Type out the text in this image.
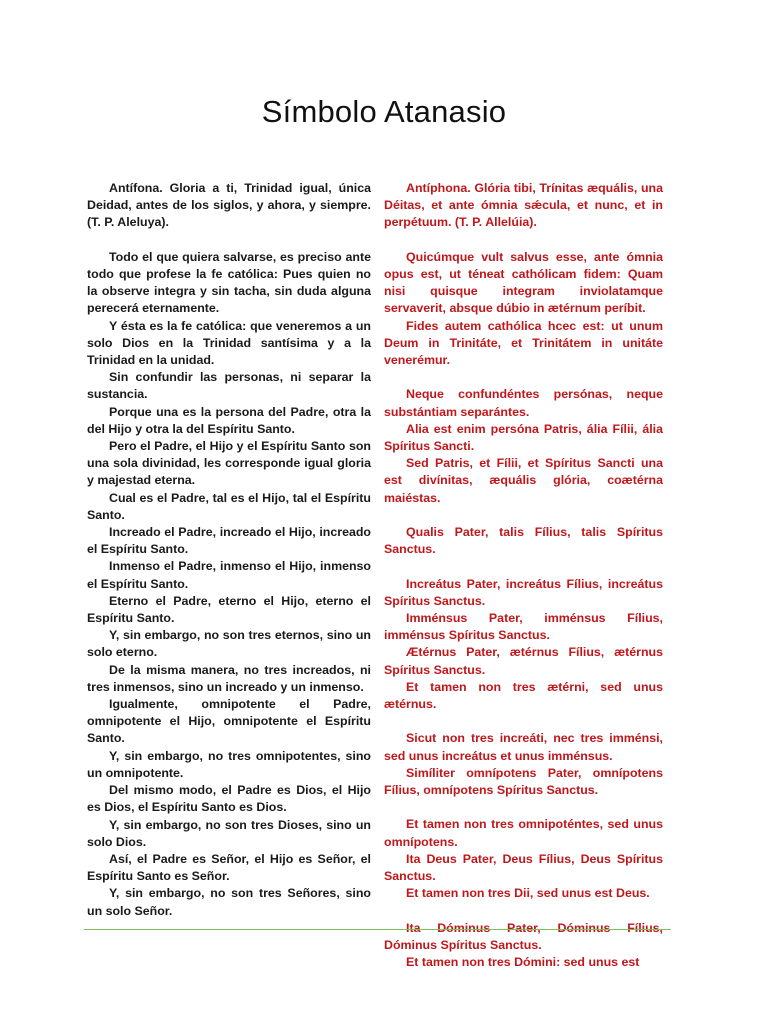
Símbolo Atanasio

Antífona. Gloria a ti, Trinidad igual, única Deidad, antes de los siglos, y ahora, y siempre. (T. P. Aleluya).

Todo el que quiera salvarse, es preciso ante todo que profese la fe católica: Pues quien no la observe integra y sin tacha, sin duda alguna perecerá eternamente.

Y ésta es la fe católica: que veneremos a un solo Dios en la Trinidad santísima y a la Trinidad en la unidad.

Sin confundir las personas, ni separar la sustancia.

Porque una es la persona del Padre, otra la del Hijo y otra la del Espíritu Santo.

Pero el Padre, el Hijo y el Espíritu Santo son una sola divinidad, les corresponde igual gloria y majestad eterna.

Cual es el Padre, tal es el Hijo, tal el Espíritu Santo.

Increado el Padre, increado el Hijo, increado el Espíritu Santo.

Inmenso el Padre, inmenso el Hijo, inmenso el Espíritu Santo.

Eterno el Padre, eterno el Hijo, eterno el Espíritu Santo.

Y, sin embargo, no son tres eternos, sino un solo eterno.

De la misma manera, no tres increados, ni tres inmensos, sino un increado y un inmenso.

Igualmente, omnipotente el Padre, omnipotente el Hijo, omnipotente el Espíritu Santo.

Y, sin embargo, no tres omnipotentes, sino un omnipotente.

Del mismo modo, el Padre es Dios, el Hijo es Dios, el Espíritu Santo es Dios.

Y, sin embargo, no son tres Dioses, sino un solo Dios.

Así, el Padre es Señor, el Hijo es Señor, el Espíritu Santo es Señor.

Y, sin embargo, no son tres Señores, sino un solo Señor.

Antíphona. Glória tibi, Trínitas æquális, una Déitas, et ante ómnia sǽcula, et nunc, et in perpétuum. (T. P. Allelúia).

Quicúmque vult salvus esse, ante ómnia opus est, ut téneat cathólicam fidem: Quam nisi quisque integram inviolatamque servaverit, absque dúbio in ætérnum períbit.

Fides autem cathólica hcec est: ut unum Deum in Trinitáte, et Trinitátem in unitáte venerémur.

Neque confundéntes persónas, neque substántiam separántes.

Alia est enim persóna Patris, ália Fílii, ália Spíritus Sancti.

Sed Patris, et Fílii, et Spíritus Sancti una est divínitas, æquális glória, coætérna maiéstas.

Qualis Pater, talis Fílius, talis Spíritus Sanctus.

Increátus Pater, increátus Fílius, increátus Spíritus Sanctus.

Imménsus Pater, imménsus Fílius, imménsus Spíritus Sanctus.

Ætérnus Pater, ætérnus Fílius, ætérnus Spíritus Sanctus.

Et tamen non tres ætérni, sed unus ætérnus.

Sicut non tres increáti, nec tres imménsi, sed unus increátus et unus imménsus.

Simíliter omnípotens Pater, omnípotens Fílius, omnípotens Spíritus Sanctus.

Et tamen non tres omnipoténtes, sed unus omnípotens.

Ita Deus Pater, Deus Fílius, Deus Spíritus Sanctus.

Et tamen non tres Dii, sed unus est Deus.

Ita Dóminus Pater, Dóminus Fílius, Dóminus Spíritus Sanctus.

Et tamen non tres Dómini: sed unus est
